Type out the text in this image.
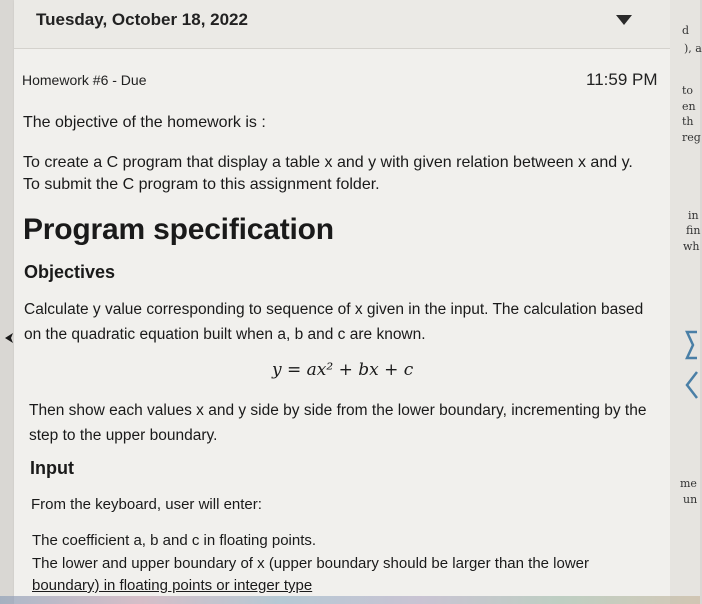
Tuesday, October 18, 2022
Homework #6 - Due	11:59 PM
The objective of the homework is :
To create a C program that display a table x and y with given relation between x and y.
To submit the C program to this assignment folder.
Program specification
Objectives
Calculate y value corresponding to sequence of x given in the input. The calculation based on the quadratic equation built when a, b and c are known.
y = ax² + bx + c
Then show each values x and y side by side from the lower boundary, incrementing by the step to the upper boundary.
Input
From the keyboard, user will enter:
The coefficient a, b and c in floating points.
The lower and upper boundary of x (upper boundary should be larger than the lower
boundary) in floating points or integer type
d
), a
to
en
th
reg
in
fin
wh
me
un
